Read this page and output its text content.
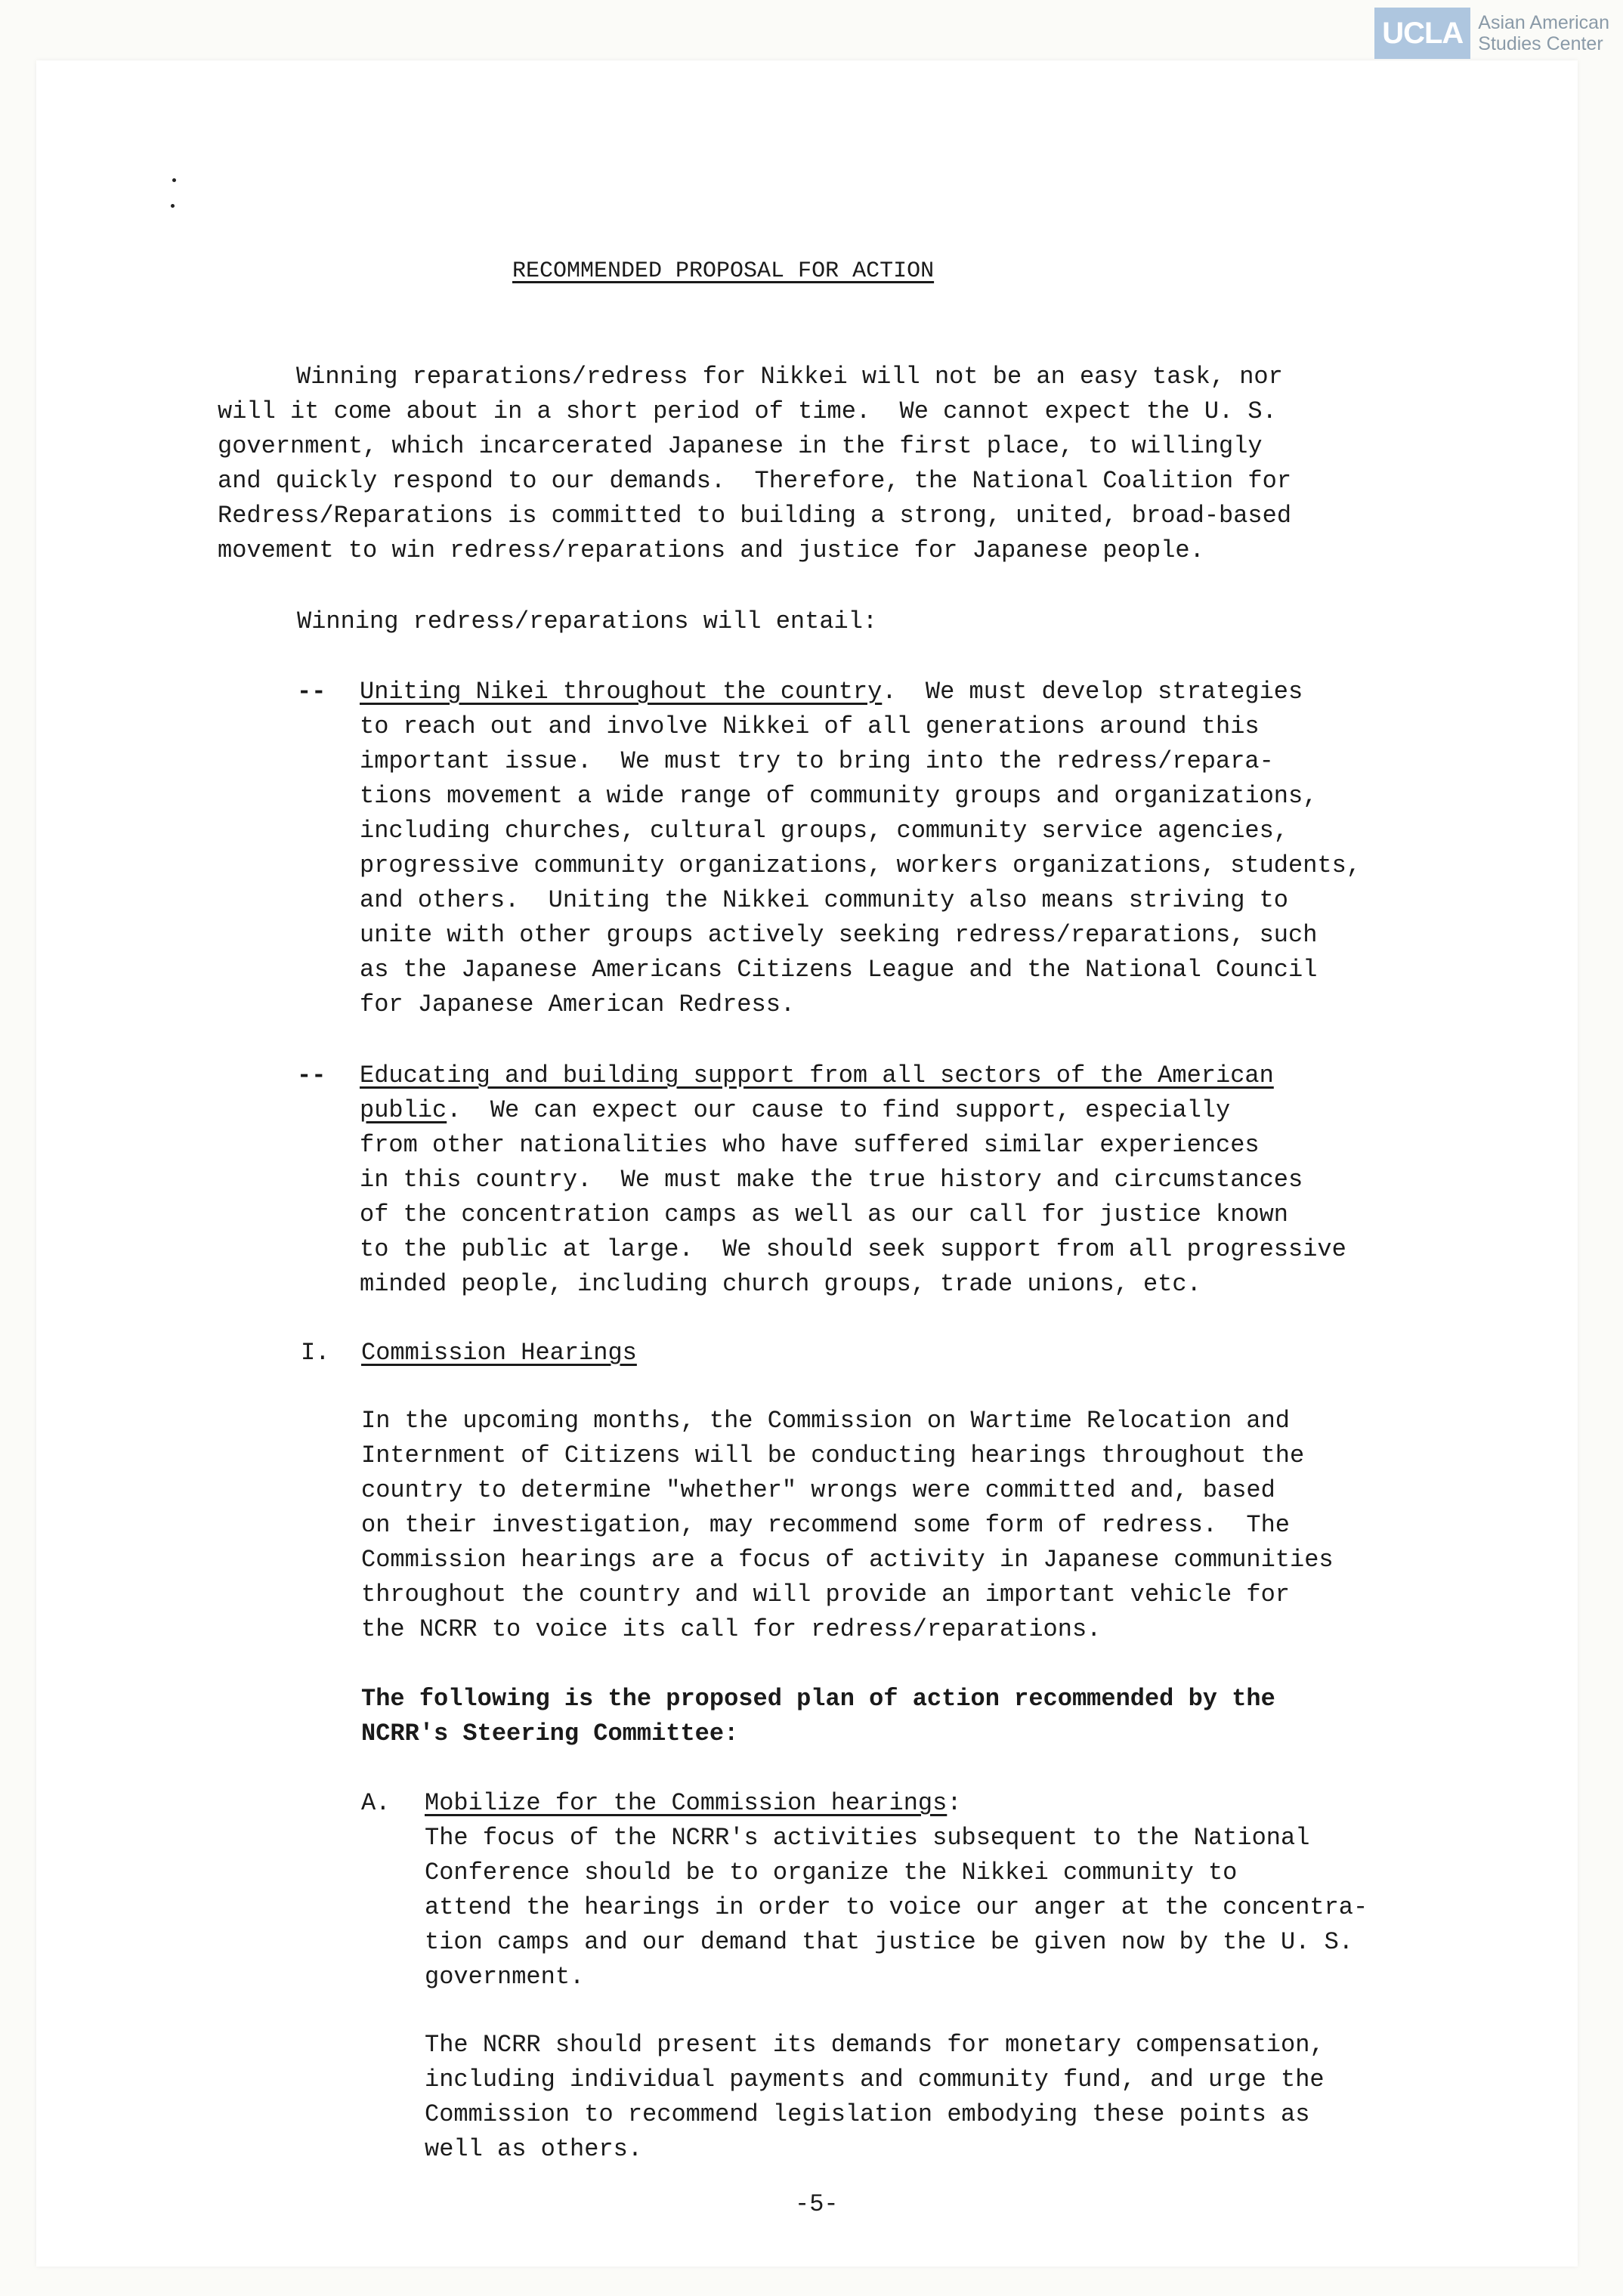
UCLA Asian American
Studies Center
RECOMMENDED PROPOSAL FOR ACTION

Winning reparations/redress for Nikkei will not be an easy task, nor
will it come about in a short period of time.  We cannot expect the U. S.
government, which incarcerated Japanese in the first place, to willingly
and quickly respond to our demands.  Therefore, the National Coalition for
Redress/Reparations is committed to building a strong, united, broad-based
movement to win redress/reparations and justice for Japanese people.

Winning redress/reparations will entail:

-- Uniting Nikei throughout the country.  We must develop strategies
to reach out and involve Nikkei of all generations around this
important issue.  We must try to bring into the redress/repara-
tions movement a wide range of community groups and organizations,
including churches, cultural groups, community service agencies,
progressive community organizations, workers organizations, students,
and others.  Uniting the Nikkei community also means striving to
unite with other groups actively seeking redress/reparations, such
as the Japanese Americans Citizens League and the National Council
for Japanese American Redress.

-- Educating and building support from all sectors of the American
public.  We can expect our cause to find support, especially
from other nationalities who have suffered similar experiences
in this country.  We must make the true history and circumstances
of the concentration camps as well as our call for justice known
to the public at large.  We should seek support from all progressive
minded people, including church groups, trade unions, etc.

I. Commission Hearings

In the upcoming months, the Commission on Wartime Relocation and
Internment of Citizens will be conducting hearings throughout the
country to determine "whether" wrongs were committed and, based
on their investigation, may recommend some form of redress.  The
Commission hearings are a focus of activity in Japanese communities
throughout the country and will provide an important vehicle for
the NCRR to voice its call for redress/reparations.

The following is the proposed plan of action recommended by the
NCRR's Steering Committee:

A. Mobilize for the Commission hearings:

The focus of the NCRR's activities subsequent to the National
Conference should be to organize the Nikkei community to
attend the hearings in order to voice our anger at the concentra-
tion camps and our demand that justice be given now by the U. S.
government.

The NCRR should present its demands for monetary compensation,
including individual payments and community fund, and urge the
Commission to recommend legislation embodying these points as
well as others.

-5-
